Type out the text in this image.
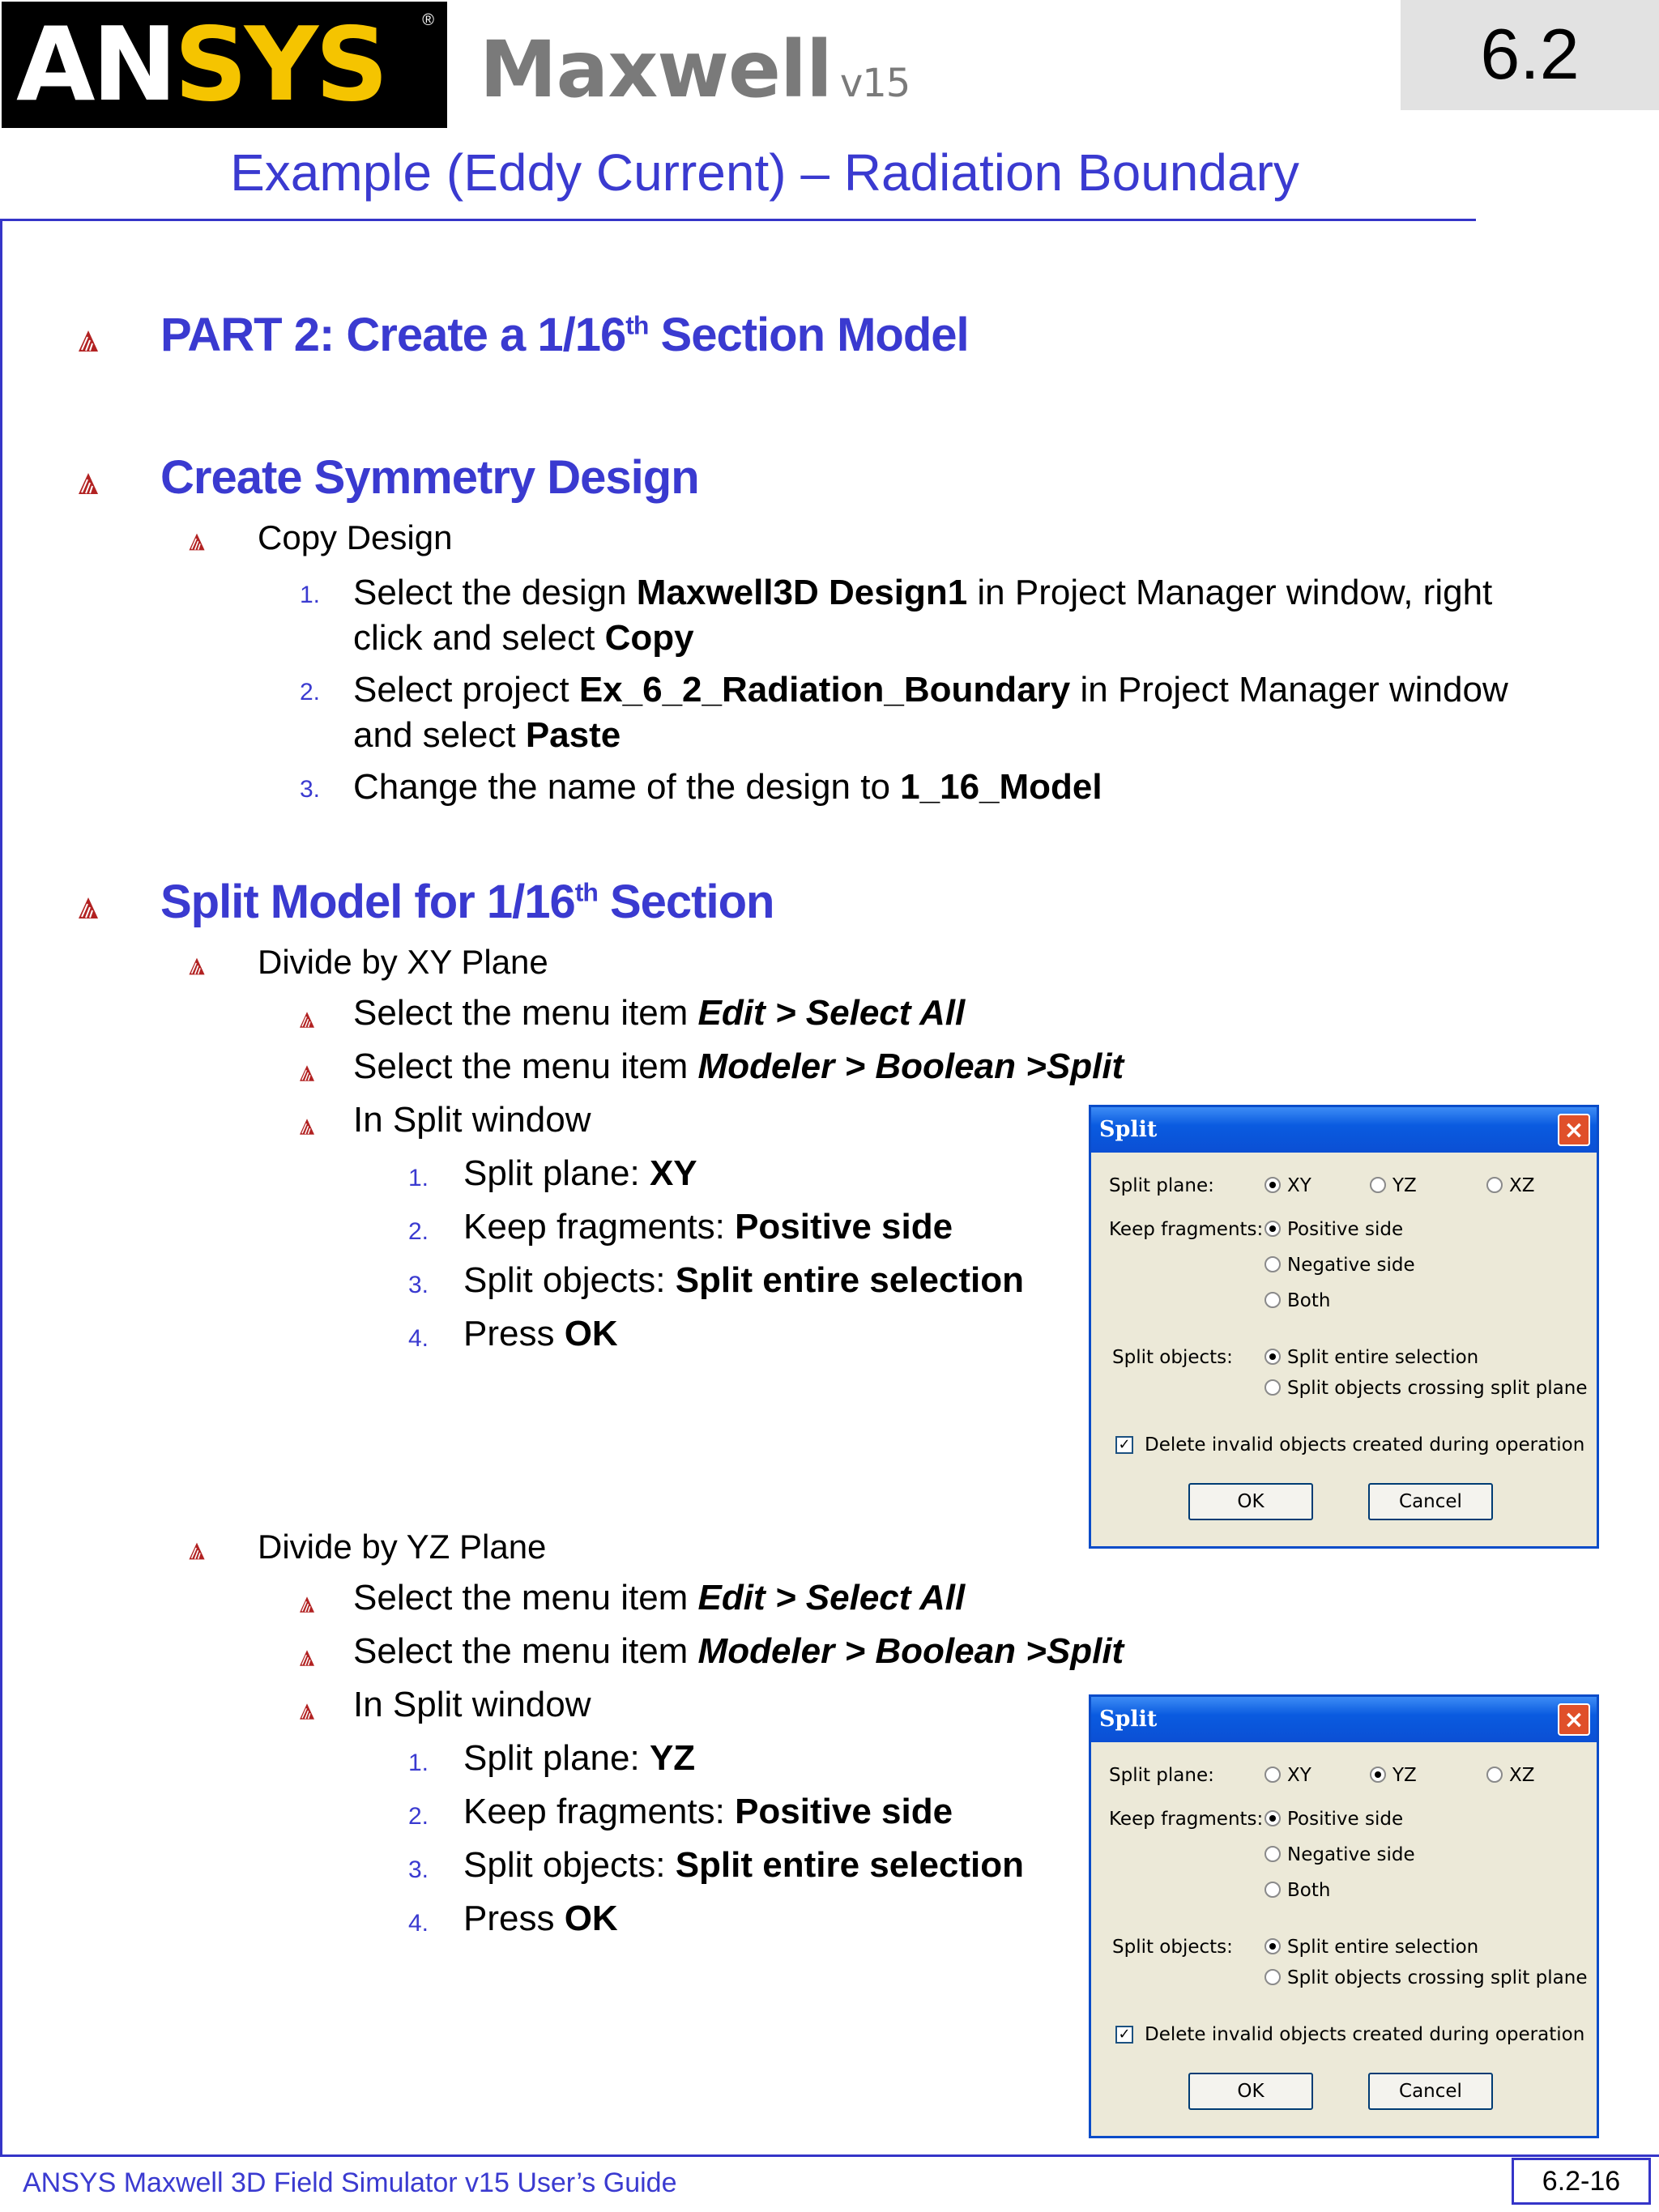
ANSYS ®
Maxwell v15	6.2
Example (Eddy Current) – Radiation Boundary
PART 2: Create a 1/16th Section Model
Create Symmetry Design
Copy Design
1. Select the design Maxwell3D Design1 in Project Manager window, right
click and select Copy
2. Select project Ex_6_2_Radiation_Boundary in Project Manager window
and select Paste
3. Change the name of the design to 1_16_Model
Split Model for 1/16th Section
Divide by XY Plane
Select the menu item Edit > Select All
Select the menu item Modeler > Boolean >Split
In Split window
1. Split plane: XY
2. Keep fragments: Positive side
3. Split objects: Split entire selection
4. Press OK
Split	×
Split plane:	XY	YZ	XZ
Keep fragments: Positive side
Negative side
Both
Split objects:	Split entire selection
Split objects crossing split plane
✓ Delete invalid objects created during operation
OK	Cancel
Divide by YZ Plane
Select the menu item Edit > Select All
Select the menu item Modeler > Boolean >Split
In Split window
1. Split plane: YZ
2. Keep fragments: Positive side
3. Split objects: Split entire selection
4. Press OK
Split	×
Split plane:	XY	YZ	XZ
Keep fragments: Positive side
Negative side
Both
Split objects:	Split entire selection
Split objects crossing split plane
✓ Delete invalid objects created during operation
OK	Cancel
ANSYS Maxwell 3D Field Simulator v15 User’s Guide	6.2-16
